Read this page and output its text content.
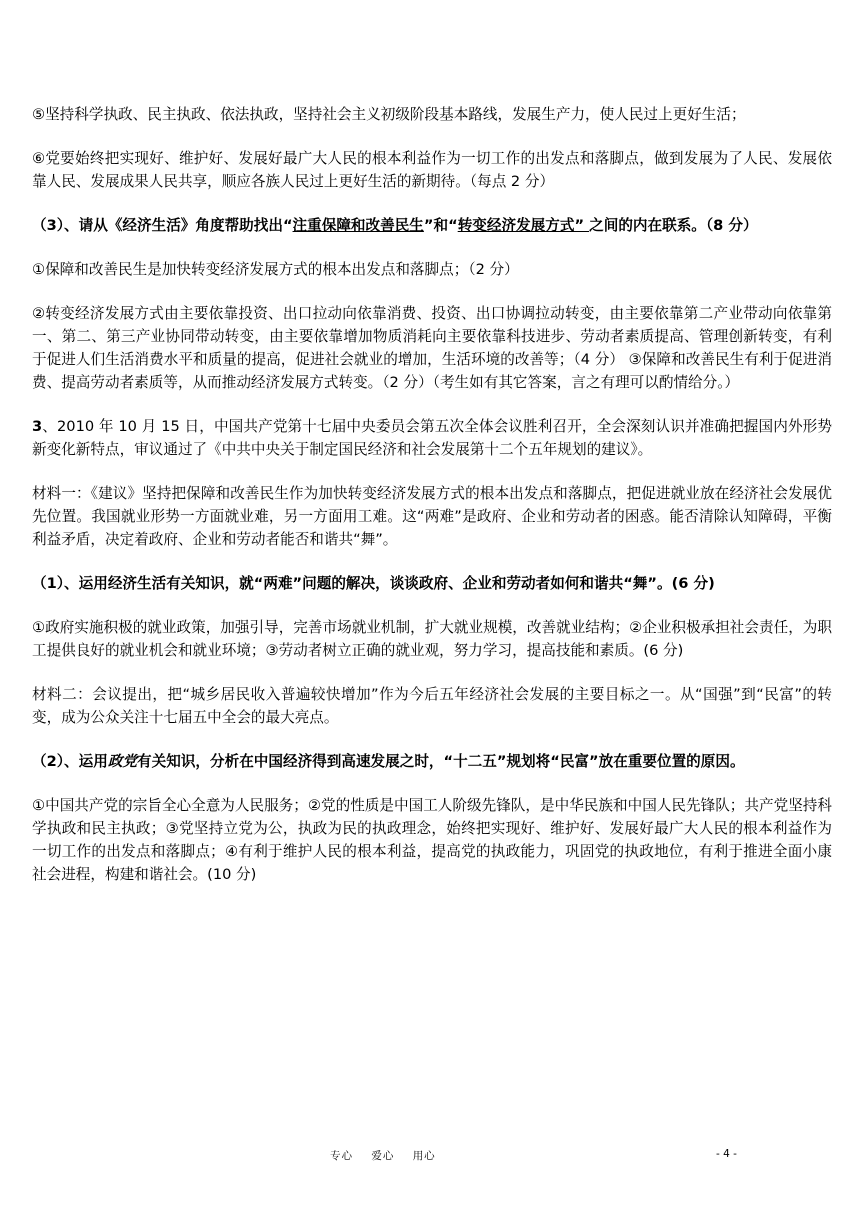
⑤坚持科学执政、民主执政、依法执政，坚持社会主义初级阶段基本路线，发展生产力，使人民过上更好生活；

⑥党要始终把实现好、维护好、发展好最广大人民的根本利益作为一切工作的出发点和落脚点，做到发展为了人民、发展依靠人民、发展成果人民共享，顺应各族人民过上更好生活的新期待。（每点 2 分）

（3）、请从《经济生活》角度帮助找出“注重保障和改善民生”和“转变经济发展方式” 之间的内在联系。（8 分）

①保障和改善民生是加快转变经济发展方式的根本出发点和落脚点；（2 分）

②转变经济发展方式由主要依靠投资、出口拉动向依靠消费、投资、出口协调拉动转变，由主要依靠第二产业带动向依靠第一、第二、第三产业协同带动转变，由主要依靠增加物质消耗向主要依靠科技进步、劳动者素质提高、管理创新转变，有利于促进人们生活消费水平和质量的提高，促进社会就业的增加，生活环境的改善等；（4 分） ③保障和改善民生有利于促进消费、提高劳动者素质等，从而推动经济发展方式转变。（2 分）（考生如有其它答案，言之有理可以酌情给分。）

3、2010 年 10 月 15 日，中国共产党第十七届中央委员会第五次全体会议胜利召开，全会深刻认识并准确把握国内外形势新变化新特点，审议通过了《中共中央关于制定国民经济和社会发展第十二个五年规划的建议》。

材料一：《建议》坚持把保障和改善民生作为加快转变经济发展方式的根本出发点和落脚点，把促进就业放在经济社会发展优先位置。我国就业形势一方面就业难，另一方面用工难。这“两难”是政府、企业和劳动者的困惑。能否清除认知障碍，平衡利益矛盾，决定着政府、企业和劳动者能否和谐共“舞”。

（1）、运用经济生活有关知识，就“两难”问题的解决，谈谈政府、企业和劳动者如何和谐共“舞”。(6 分)

①政府实施积极的就业政策，加强引导，完善市场就业机制，扩大就业规模，改善就业结构；②企业积极承担社会责任，为职工提供良好的就业机会和就业环境；③劳动者树立正确的就业观，努力学习，提高技能和素质。(6 分)

材料二：会议提出，把“城乡居民收入普遍较快增加”作为今后五年经济社会发展的主要目标之一。从“国强”到“民富”的转变，成为公众关注十七届五中全会的最大亮点。

（2）、运用政党有关知识，分析在中国经济得到高速发展之时，“十二五”规划将“民富”放在重要位置的原因。

①中国共产党的宗旨全心全意为人民服务；②党的性质是中国工人阶级先锋队，是中华民族和中国人民先锋队；共产党坚持科学执政和民主执政；③党坚持立党为公，执政为民的执政理念，始终把实现好、维护好、发展好最广大人民的根本利益作为一切工作的出发点和落脚点；④有利于维护人民的根本利益，提高党的执政能力，巩固党的执政地位，有利于推进全面小康社会进程，构建和谐社会。(10 分)

专心 爱心 用心	- 4 -
